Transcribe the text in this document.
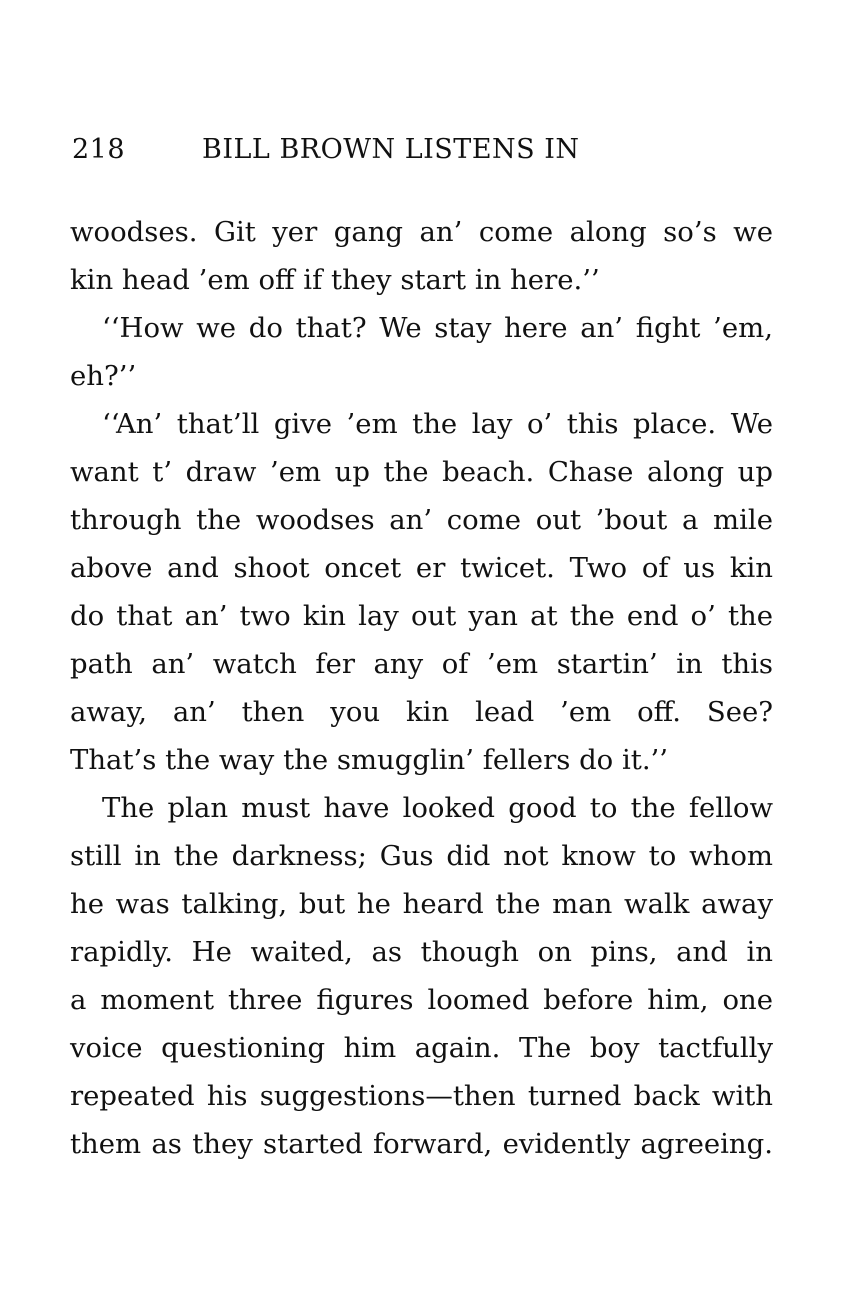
218	BILL BROWN LISTENS IN
woodses. Git yer gang an’ come along so’s we
kin head ’em off if they start in here.’’
‘‘How we do that? We stay here an’ fight ’em,
eh?’’
‘‘An’ that’ll give ’em the lay o’ this place. We
want t’ draw ’em up the beach. Chase along up
through the woodses an’ come out ’bout a mile
above and shoot oncet er twicet. Two of us kin
do that an’ two kin lay out yan at the end o’ the
path an’ watch fer any of ’em startin’ in this
away, an’ then you kin lead ’em off. See?
That’s the way the smugglin’ fellers do it.’’
The plan must have looked good to the fellow
still in the darkness; Gus did not know to whom
he was talking, but he heard the man walk away
rapidly. He waited, as though on pins, and in
a moment three figures loomed before him, one
voice questioning him again. The boy tactfully
repeated his suggestions—then turned back with
them as they started forward, evidently agreeing.
